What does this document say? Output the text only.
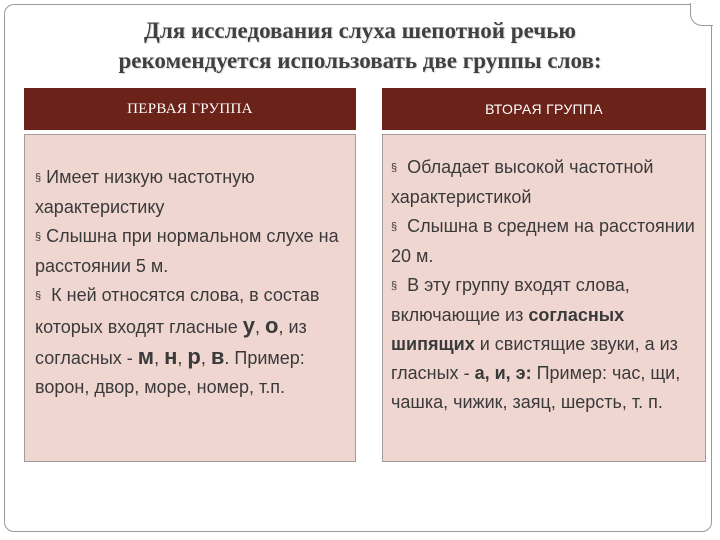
Для исследования слуха шепотной речью
рекомендуется использовать две группы слов:
ПЕРВАЯ ГРУППА	ВТОРАЯ ГРУППА
§ Имеет низкую частотную характеристику
§ Слышна при нормальном слухе на расстоянии 5 м.
§ К ней относятся слова, в состав которых входят гласные у, о, из согласных - м, н, р, в. Пример: ворон, двор, море, номер, т.п.
§ Обладает высокой частотной характеристикой
§ Слышна в среднем на расстоянии 20 м.
§ В эту группу входят слова, включающие из согласных шипящих и свистящие звуки, а из гласных - а, и, э: Пример: час, щи, чашка, чижик, заяц, шерсть, т. п.
